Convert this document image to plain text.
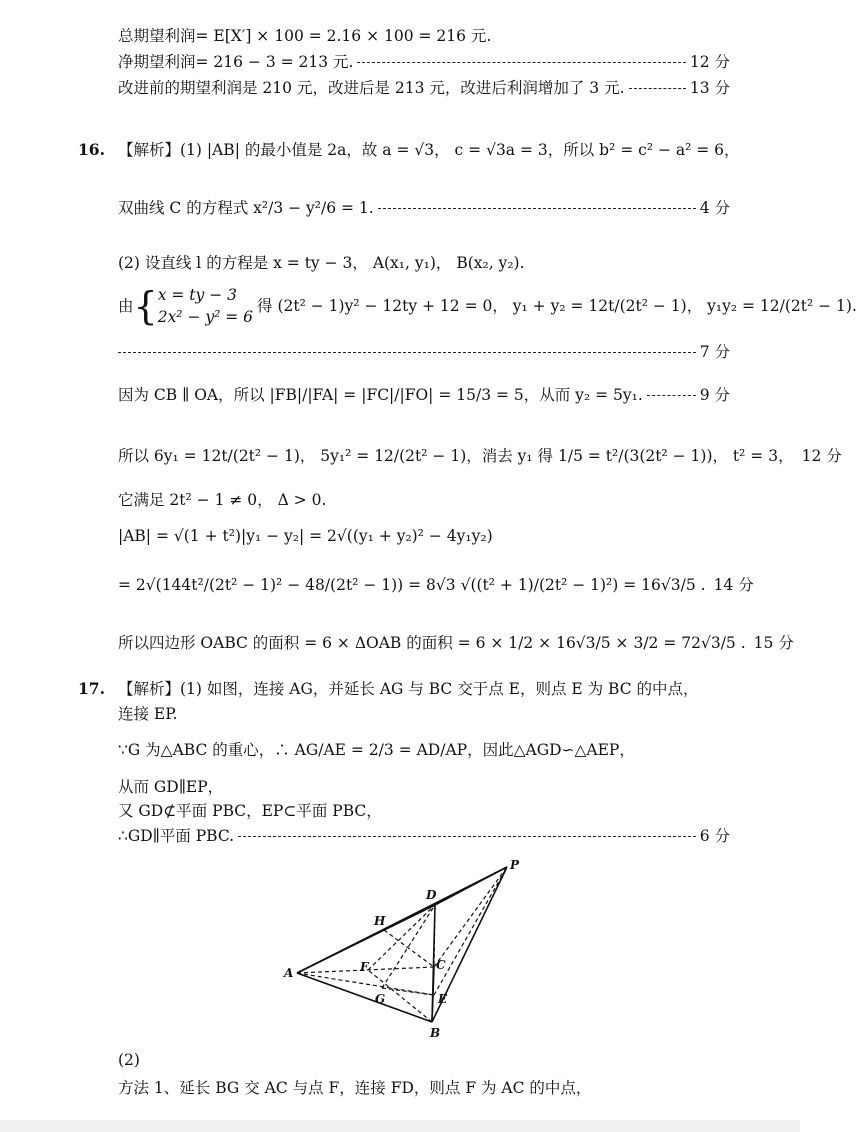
总期望利润= E[X′] × 100 = 2.16 × 100 = 216 元.
净期望利润= 216 − 3 = 213 元.	12 分
改进前的期望利润是 210 元，改进后是 213 元，改进后利润增加了 3 元.	13 分
16. 【解析】(1) |AB| 的最小值是 2a，故 a = √3， c = √3a = 3，所以 b² = c² − a² = 6，
双曲线 C 的方程式 x²/3 − y²/6 = 1.	4 分
(2) 设直线 l 的方程是 x = ty − 3， A(x₁, y₁)， B(x₂, y₂).
由 { x = ty − 3
2x² − y² = 6
得 (2t² − 1)y² − 12ty + 12 = 0， y₁ + y₂ = 12t/(2t² − 1)， y₁y₂ = 12/(2t² − 1).
7 分
因为 CB ∥ OA，所以 |FB|/|FA| = |FC|/|FO| = 15/3 = 5，从而 y₂ = 5y₁.	9 分
所以 6y₁ = 12t/(2t² − 1)， 5y₁² = 12/(2t² − 1)，消去 y₁ 得 1/5 = t²/(3(2t² − 1))， t² = 3， 12 分
它满足 2t² − 1 ≠ 0， Δ > 0.
|AB| = √(1 + t²)|y₁ − y₂| = 2√((y₁ + y₂)² − 4y₁y₂)
= 2√(144t²/(2t² − 1)² − 48/(2t² − 1)) = 8√3 √((t² + 1)/(2t² − 1)²) = 16√3/5 . 14 分
所以四边形 OABC 的面积 = 6 × ΔOAB 的面积 = 6 × 1/2 × 16√3/5 × 3/2 = 72√3/5 . 15 分
17. 【解析】(1) 如图，连接 AG，并延长 AG 与 BC 交于点 E，则点 E 为 BC 的中点，
连接 EP.
∵G 为△ABC 的重心，∴ AG/AE = 2/3 = AD/AP，因此△AGD∽△AEP，
从而 GD∥EP，
又 GD⊄平面 PBC，EP⊂平面 PBC，
∴GD∥平面 PBC.	6 分
P
D
H
A	F	C
G	E
B
(2)
方法 1、延长 BG 交 AC 与点 F，连接 FD，则点 F 为 AC 的中点，
